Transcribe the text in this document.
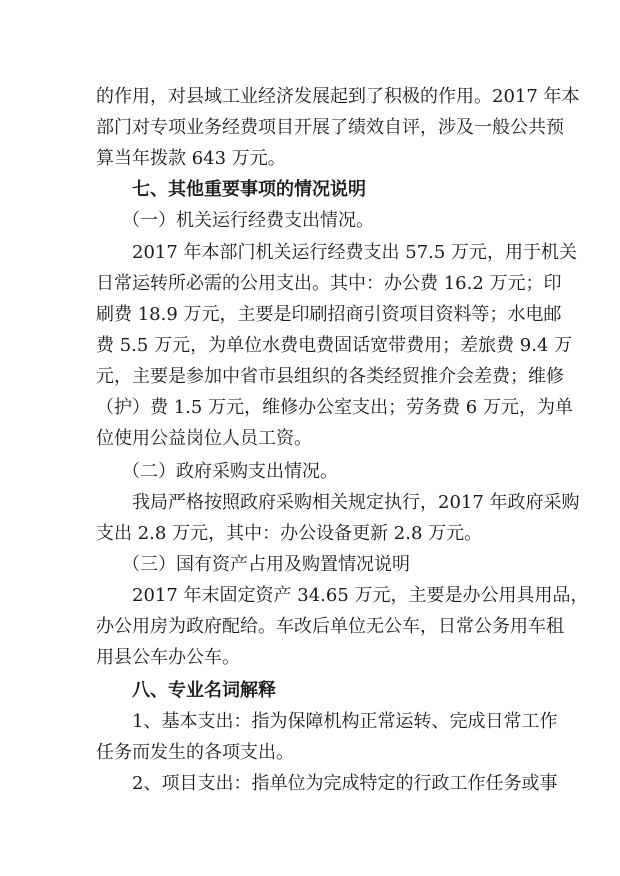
的作用，对县域工业经济发展起到了积极的作用。2017 年本
部门对专项业务经费项目开展了绩效自评，涉及一般公共预
算当年拨款 643 万元。
七、其他重要事项的情况说明
（一）机关运行经费支出情况。
2017 年本部门机关运行经费支出 57.5 万元，用于机关
日常运转所必需的公用支出。其中：办公费 16.2 万元；印
刷费 18.9 万元，主要是印刷招商引资项目资料等；水电邮
费 5.5 万元，为单位水费电费固话宽带费用；差旅费 9.4 万
元，主要是参加中省市县组织的各类经贸推介会差费；维修
（护）费 1.5 万元，维修办公室支出；劳务费 6 万元，为单
位使用公益岗位人员工资。
（二）政府采购支出情况。
我局严格按照政府采购相关规定执行，2017 年政府采购
支出 2.8 万元，其中：办公设备更新 2.8 万元。
（三）国有资产占用及购置情况说明
2017 年末固定资产 34.65 万元，主要是办公用具用品，
办公用房为政府配给。车改后单位无公车，日常公务用车租
用县公车办公车。
八、专业名词解释
1、基本支出：指为保障机构正常运转、完成日常工作
任务而发生的各项支出。
2、项目支出：指单位为完成特定的行政工作任务或事
